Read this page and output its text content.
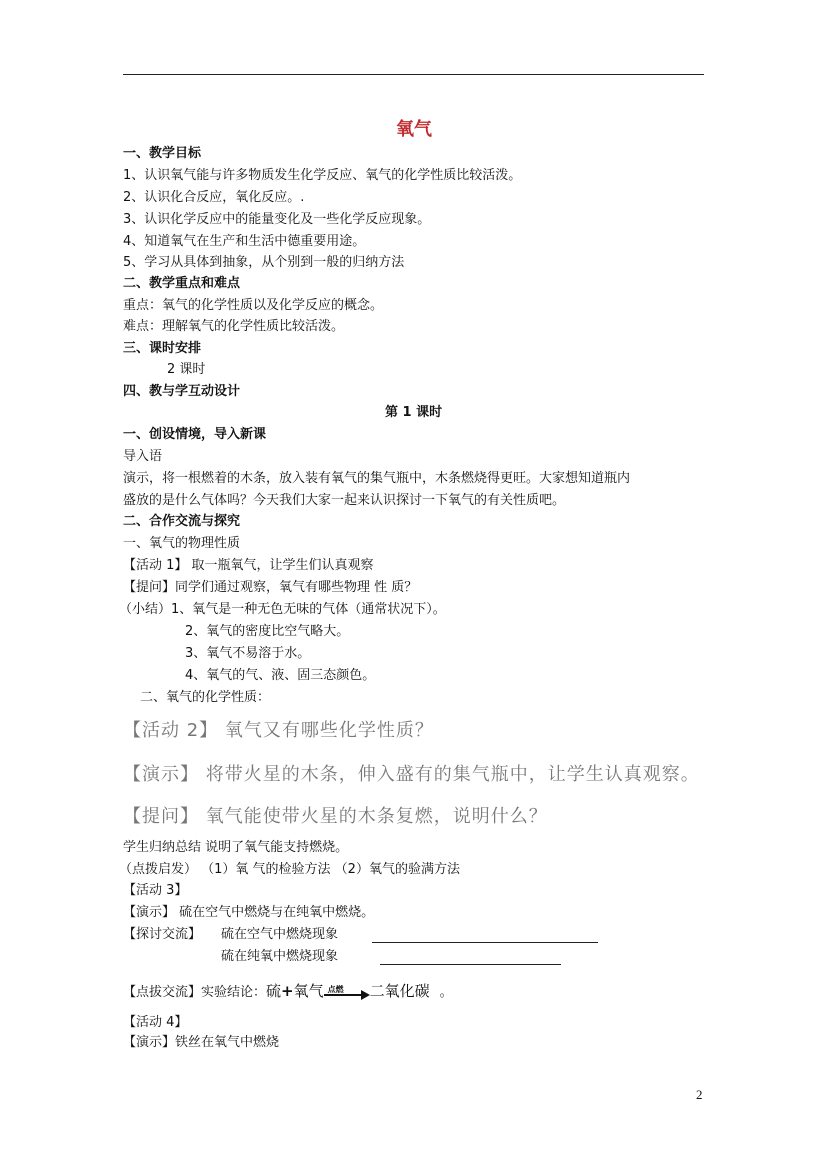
氧气
一、教学目标
1、认识氧气能与许多物质发生化学反应、氧气的化学性质比较活泼。
2、认识化合反应，氧化反应。.
3、认识化学反应中的能量变化及一些化学反应现象。
4、知道氧气在生产和生活中德重要用途。
5、学习从具体到抽象，从个别到一般的归纳方法
二、教学重点和难点
重点：氧气的化学性质以及化学反应的概念。
难点：理解氧气的化学性质比较活泼。
三、课时安排
2 课时
四、教与学互动设计
第 1 课时
一、创设情境，导入新课
导入语
演示，将一根燃着的木条，放入装有氧气的集气瓶中，木条燃烧得更旺。大家想知道瓶内
盛放的是什么气体吗？今天我们大家一起来认识探讨一下氧气的有关性质吧。
二、合作交流与探究
一、氧气的物理性质
【活动 1】 取一瓶氧气，让学生们认真观察
【提问】同学们通过观察，氧气有哪些物理 性 质？
（小结）1、氧气是一种无色无味的气体（通常状况下）。
2、氧气的密度比空气略大。
3、氧气不易溶于水。
4、氧气的气、液、固三态颜色。
二、氧气的化学性质：
【活动 2】 氧气又有哪些化学性质？
【演示】 将带火星的木条，伸入盛有的集气瓶中，让学生认真观察。
【提问】 氧气能使带火星的木条复燃，说明什么？
学生归纳总结 说明了氧气能支持燃烧。
（点拨启发） （1）氧 气的检验方法 （2）氧气的验满方法
【活动 3】
【演示】 硫在空气中燃烧与在纯氧中燃烧。
【探讨交流】 硫在空气中燃烧现象
硫在纯氧中燃烧现象
【点拔交流】实验结论：硫+氧气 点燃 二氧化碳 。
【活动 4】
【演示】铁丝在氧气中燃烧
2
